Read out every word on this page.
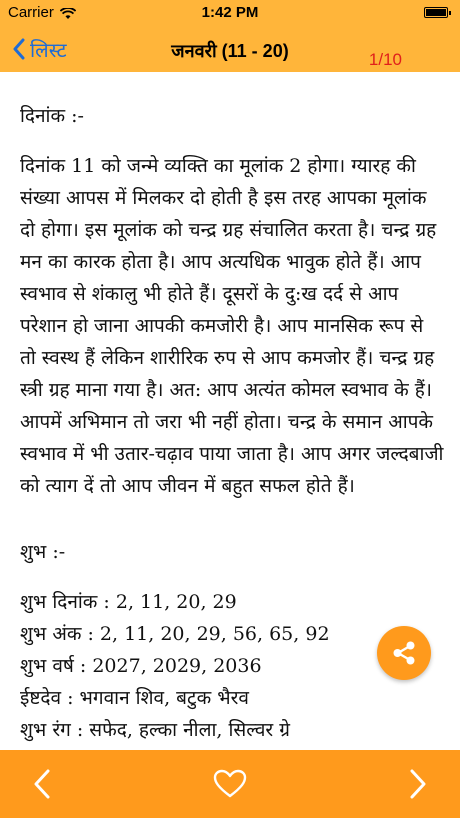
Carrier	1:42 PM
लिस्ट	जनवरी (11 - 20)	1/10

दिनांक :-

दिनांक 11 को जन्मे व्यक्ति का मूलांक 2 होगा। ग्यारह की संख्या आपस में मिलकर दो होती है इस तरह आपका मूलांक दो होगा। इस मूलांक को चन्द्र ग्रह संचालित करता है। चन्द्र ग्रह मन का कारक होता है। आप अत्यधिक भावुक होते हैं। आप स्वभाव से शंकालु भी होते हैं। दूसरों के दु:ख दर्द से आप परेशान हो जाना आपकी कमजोरी है। आप मानसिक रूप से तो स्वस्थ हैं लेकिन शारीरिक रुप से आप कमजोर हैं। चन्द्र ग्रह स्त्री ग्रह माना गया है। अत: आप अत्यंत कोमल स्वभाव के हैं। आपमें अभिमान तो जरा भी नहीं होता। चन्द्र के समान आपके स्वभाव में भी उतार-चढ़ाव पाया जाता है। आप अगर जल्दबाजी को त्याग दें तो आप जीवन में बहुत सफल होते हैं।

शुभ :-

शुभ दिनांक : 2, 11, 20, 29

शुभ अंक : 2, 11, 20, 29, 56, 65, 92

शुभ वर्ष : 2027, 2029, 2036

ईष्टदेव : भगवान शिव, बटुक भैरव

शुभ रंग : सफेद, हल्का नीला, सिल्वर ग्रे
